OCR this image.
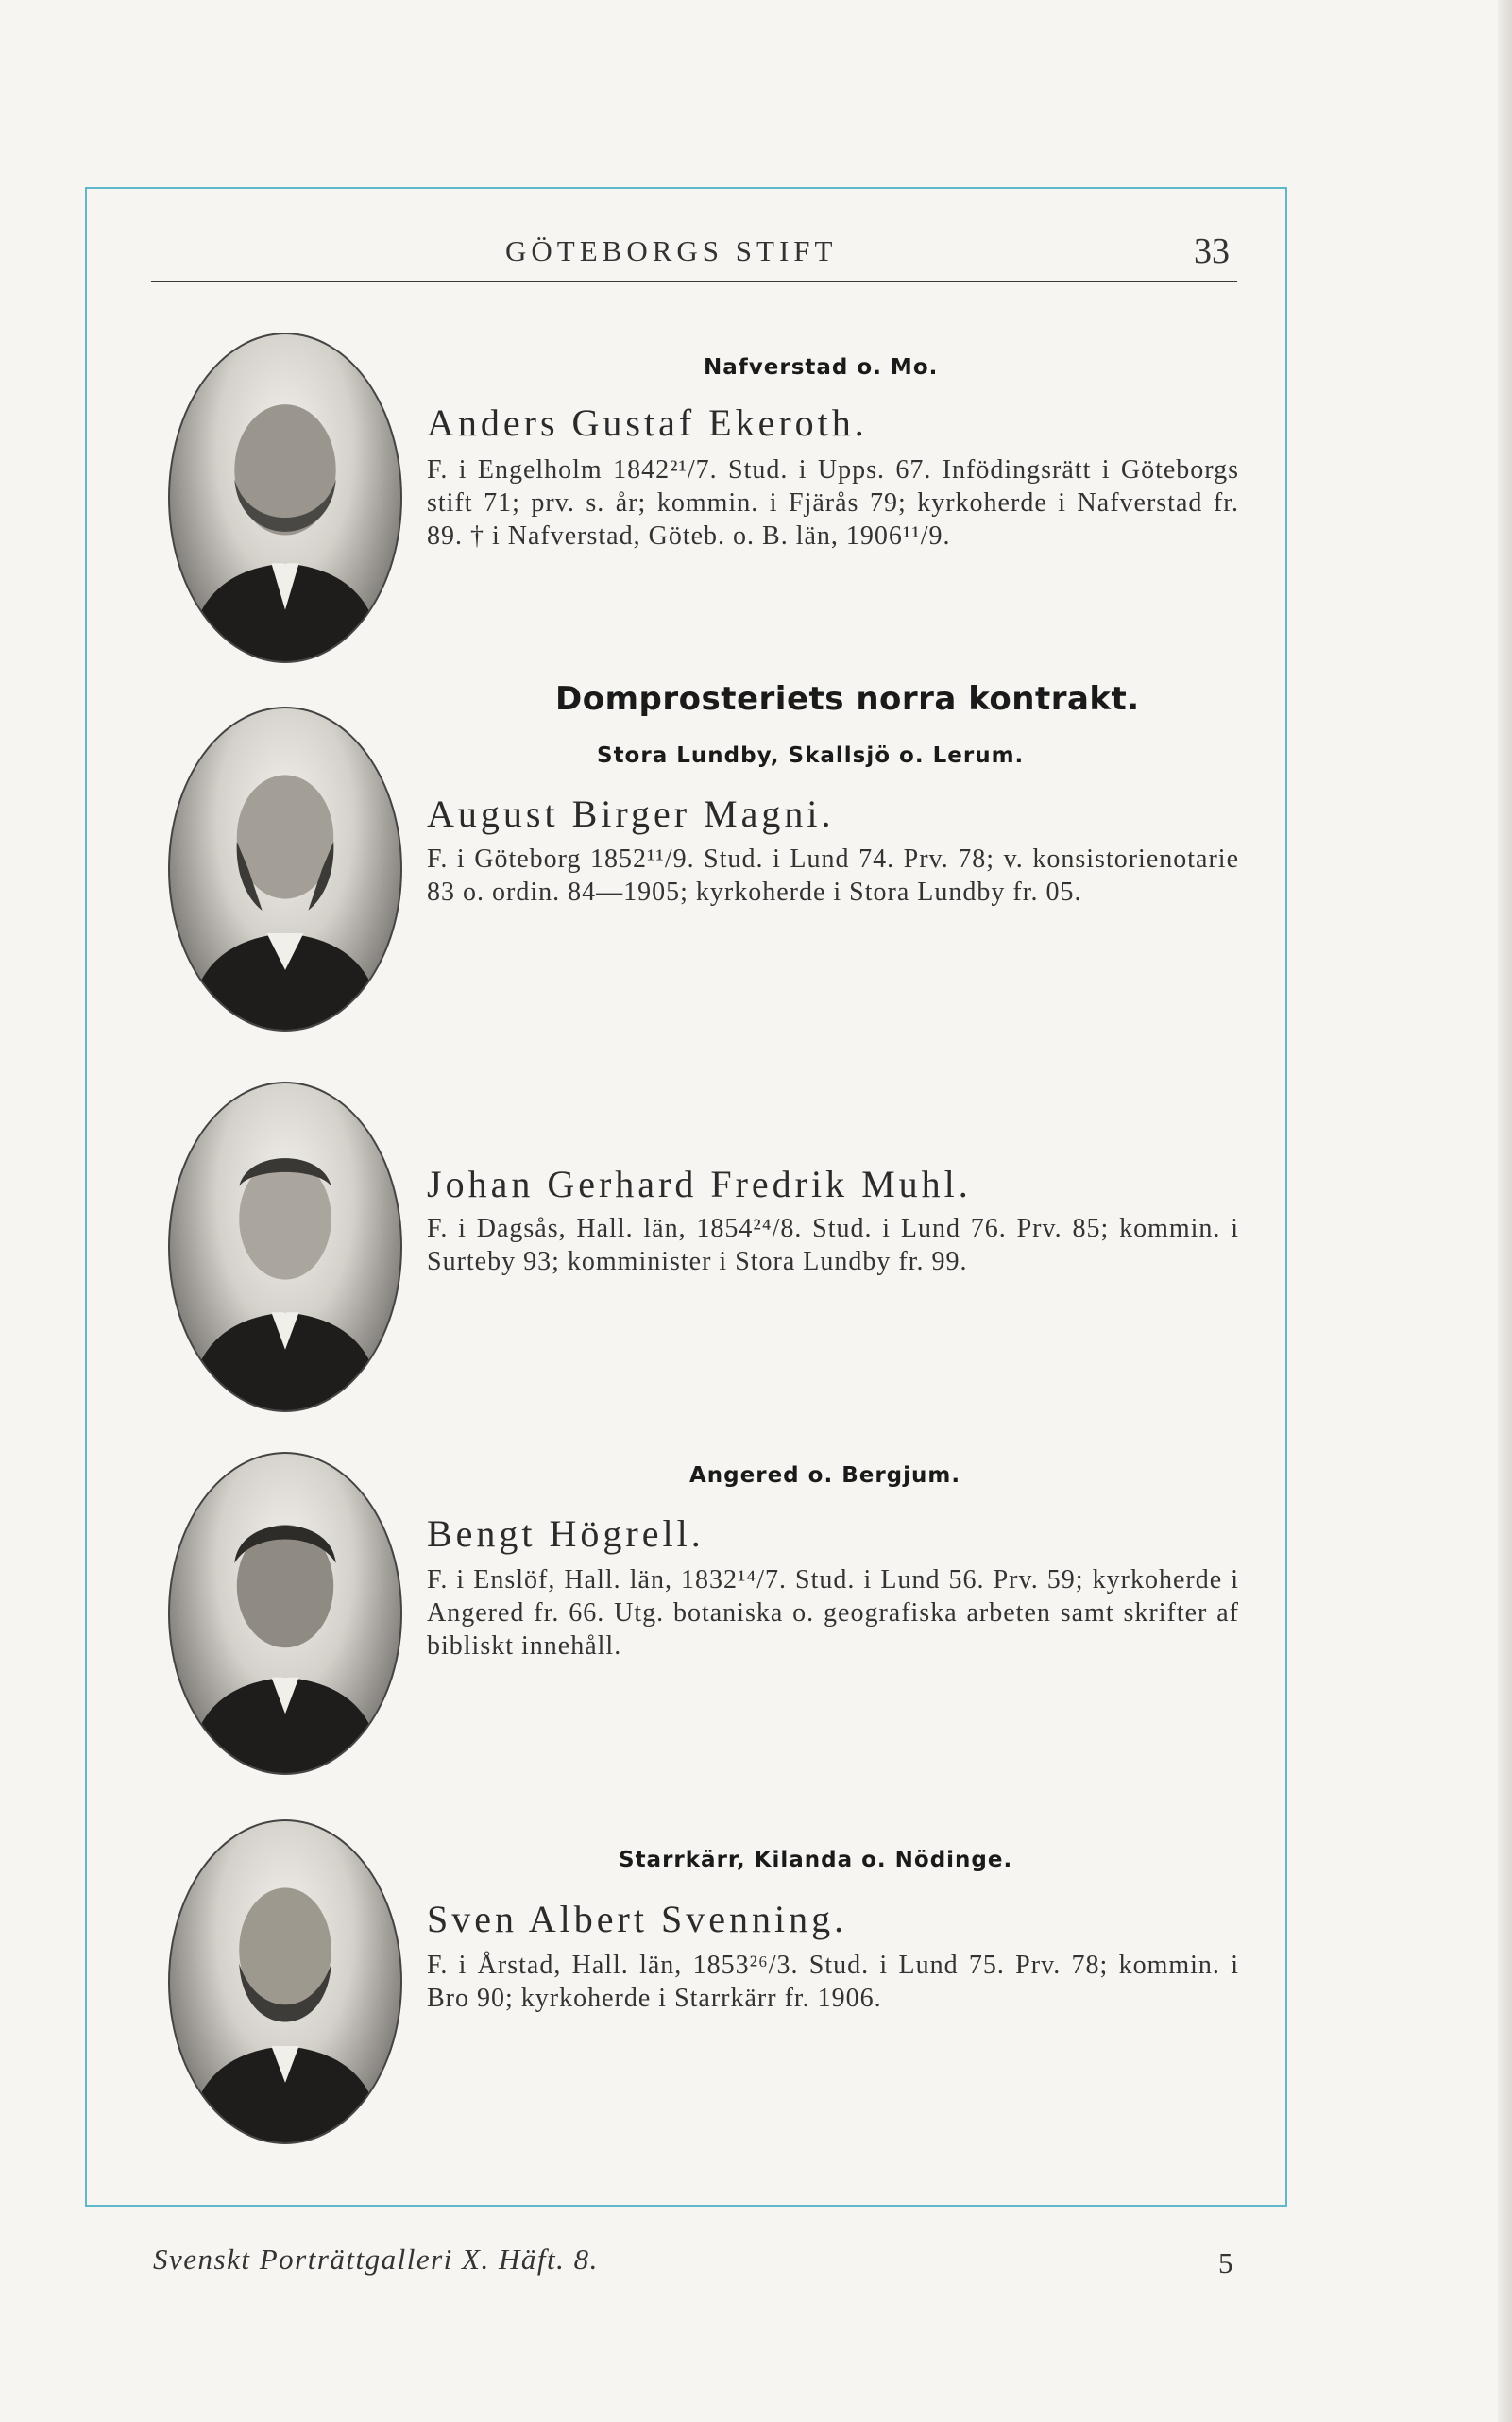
GÖTEBORGS STIFT	33
Nafverstad o. Mo.
Anders Gustaf Ekeroth.

F. i Engelholm 1842²¹/7. Stud. i Upps. 67. Infödingsrätt i Göteborgs stift 71; prv. s. år; kommin. i Fjärås 79; kyrkoherde i Nafverstad fr. 89. † i Nafverstad, Göteb. o. B. län, 1906¹¹/9.

Domprosteriets norra kontrakt.
Stora Lundby, Skallsjö o. Lerum.
August Birger Magni.

F. i Göteborg 1852¹¹/9. Stud. i Lund 74. Prv. 78; v. konsistorienotarie 83 o. ordin. 84—1905; kyrkoherde i Stora Lundby fr. 05.

Johan Gerhard Fredrik Muhl.

F. i Dagsås, Hall. län, 1854²⁴/8. Stud. i Lund 76. Prv. 85; kommin. i Surteby 93; komminister i Stora Lundby fr. 99.

Angered o. Bergjum.
Bengt Högrell.

F. i Enslöf, Hall. län, 1832¹⁴/7. Stud. i Lund 56. Prv. 59; kyrkoherde i Angered fr. 66. Utg. botaniska o. geografiska arbeten samt skrifter af bibliskt innehåll.

Starrkärr, Kilanda o. Nödinge.
Sven Albert Svenning.

F. i Årstad, Hall. län, 1853²⁶/3. Stud. i Lund 75. Prv. 78; kommin. i Bro 90; kyrkoherde i Starrkärr fr. 1906.

Svenskt Porträttgalleri X. Häft. 8.	5
